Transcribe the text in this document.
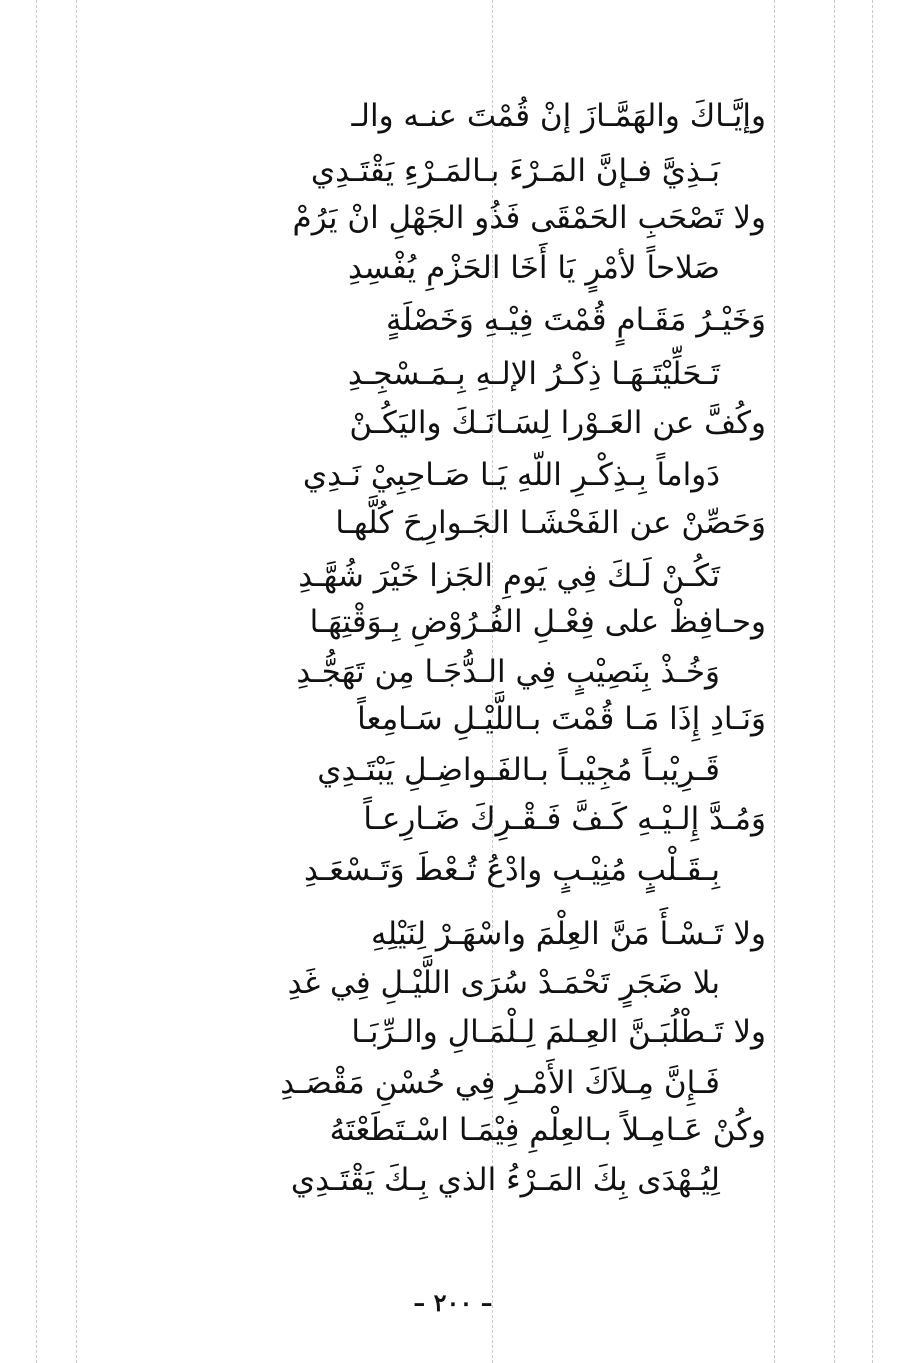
وإيَّـاكَ والهَمَّـازَ إنْ قُمْتَ عنـه والـ
بَـذِيَّ فـإنَّ المَـرْءَ بـالمَـرْءِ يَقْتَـدِي
ولا تَصْحَبِ الحَمْقَى فَذُو الجَهْلِ انْ يَرُمْ
صَلاحاً لأمْرٍ يَا أَخَا الحَزْمِ يُفْسِدِ
وَخَيْـرُ مَقَـامٍ قُمْتَ فِيْـهِ وَخَصْلَةٍ
تَـحَلِّيْتَـهَـا ذِكْـرُ الإلـهِ بِـمَـسْجِـدِ
وكُفَّ عن العَـوْرا لِسَـانَـكَ واليَكُـنْ
دَواماً بِـذِكْـرِ اللّهِ يَـا صَـاحِبِيْ نَـدِي
وَحَصِّنْ عن الفَحْشَـا الجَـوارِحَ كُلَّهـا
تَكُـنْ لَـكَ فِي يَومِ الجَزا خَيْرَ شُهَّـدِ
وحـافِظْ على فِعْـلِ الفُـرُوْضِ بِـوَقْتِهَـا
وَخُـذْ بِنَصِيْبٍ فِي الـدُّجَـا مِن تَهَجُّـدِ
وَنَـادِ إِذَا مَـا قُمْتَ بـاللَّيْـلِ سَـامِعاً
قَـرِيْبـاً مُجِيْبـاً بـالفَـواضِـلِ يَبْتَـدِي
وَمُـدَّ إِلـيْـهِ كَـفَّ فَـقْـرِكَ ضَـارِعـاً
بِـقَـلْبٍ مُنِيْـبٍ وادْعُ تُـعْطَ وَتَـسْعَـدِ
ولا تَـسْـأَ مَنَّ العِلْمَ واسْهَـرْ لِنَيْلِهِ
بلا ضَجَرٍ تَحْمَـدْ سُرَى اللَّيْـلِ فِي غَدِ
ولا تَـطْلُبَـنَّ العِـلمَ لِـلْمَـالِ والـرِّبَـا
فَـإِنَّ مِـلاَكَ الأَمْـرِ فِي حُسْنِ مَقْصَـدِ
وكُنْ عَـامِـلاً بـالعِلْمِ فِيْمَـا اسْـتَطَعْتَهُ
لِيُـهْدَى بِكَ المَـرْءُ الذي بِـكَ يَقْتَـدِي
– ٢٠٠ –
